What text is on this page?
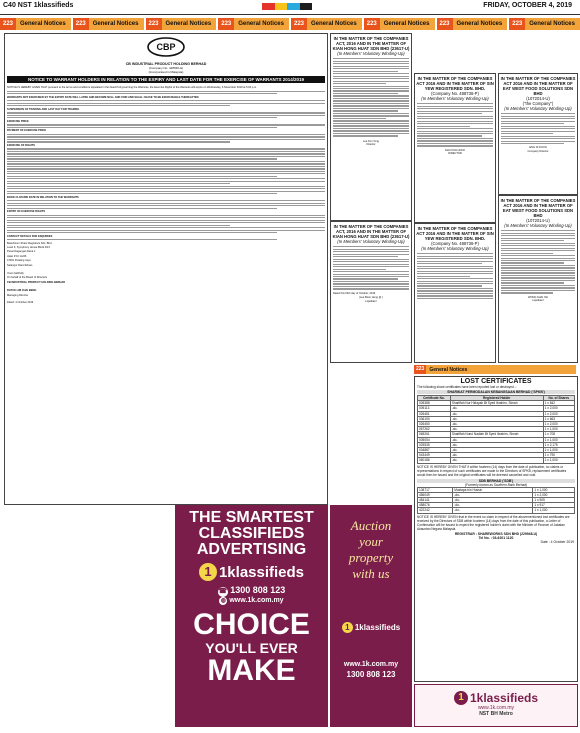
C40 NST 1klassifieds	FRIDAY, OCTOBER 4, 2019
223	General Notices	223	General Notices	223	General Notices	223	General Notices	223	General Notices	223	General Notices	223	General Notices	223	General Notices
CBP
CB INDUSTRIAL PRODUCT HOLDING BERHAD
(Company No. 428930-H)
(Incorporated in Malaysia)
NOTICE TO WARRANT HOLDERS IN RELATION TO THE EXPIRY AND LAST DATE FOR THE EXERCISE OF WARRANTS 2014/2019

NOTICE IS HEREBY GIVEN THAT pursuant to the terms and conditions stipulated in the Deed Poll governing the Warrants, the Exercise Rights of the Warrants will expire on Wednesday, 6 November 2019 at 5.00 p.m.

WARRANTS NOT EXERCISED BY THE EXPIRY DATE WILL LAPSE AND BECOME NULL AND VOID AND SHALL CEASE TO BE EXERCISABLE THEREAFTER.

SUSPENSION OF TRADING AND LAST DAY FOR TRADING

EXERCISE PRICE

PAYMENT OF EXERCISE PRICE

EXERCISE OF RIGHTS

BOOK CLOSURE DATE IN RELATION TO THE WARRANTS

EXPIRY OF EXERCISE RIGHTS

CONTACT DETAILS FOR ENQUIRIES

Boardroom Share Registrars Sdn. Bhd.

Level 6, Symphony House Block D13

Pusat Dagangan Dana 1

Jalan PJU 1A/46

47301 Petaling Jaya

Selangor Darul Ehsan

Yours faithfully

On behalf of the Board of Directors

CB INDUSTRIAL PRODUCT HOLDING BERHAD

DATUK LIM CHAI BENG

Managing Director

Dated: 4 October 2019

IN THE MATTER OF THE COMPANIES ACT, 2016 AND IN THE MATTER OF KIAN HONG HUAT SDN BHD (23617-U)
(In Members' Voluntary Winding-Up)
Lee Kim Yong
Director
IN THE MATTER OF THE COMPANIES ACT, 2016 AND IN THE MATTER OF KIAN HONG HUAT SDN BHD (23617-U)
(In Members' Voluntary Winding-Up)

Dated this 04th day of October, 2019

(Lee Boon Hong @ )
Liquidator
IN THE MATTER OF THE COMPANIES ACT 2016 AND IN THE MATTER OF SIN YEW REGISTERED SDN. BHD.
(Company No. 488736-P)
(In Members' Voluntary Winding-Up)
GAN KOH HOCK
DIRECTOR
IN THE MATTER OF THE COMPANIES ACT 2016 AND IN THE MATTER OF SIN YEW REGISTERED SDN. BHD.
(Company No. 488736-P)
(In Members' Voluntary Winding-Up)
IN THE MATTER OF THE COMPANIES ACT 2016 AND IN THE MATTER OF EAT WEST FOOD SOLUTIONS SDN BHD
(1072014-U)
("the Company")
(In Members' Voluntary Winding-Up)
ENG NI FOON
Company Director
IN THE MATTER OF THE COMPANIES ACT 2016 AND IN THE MATTER OF EAT WEST FOOD SOLUTIONS SDN BHD
(1072014-U)
(In Members' Voluntary Winding-Up)
WONG KHAI YEI
Liquidator
THE SMARTEST
CLASSIFIEDS
ADVERTISING
1 1klassifieds
☎ 1300 808 123
◍ www.1k.com.my
CHOICE
YOU'LL EVER
MAKE
Auction
your
property
with us
1 1klassifieds
www.1k.com.my
1300 808 123
223	General Notices
LOST CERTIFICATES
The following share certificates have been reported lost or destroyed :-
SHARIKAT PERMODALAN KEBANGSAAN BERHAD ('SPKB')
Certificate No.	Registered Holder	No. of Shares
005388	Shariffah Nur Hidayah Bt Syed Ibrahim, Simah	1 x 842
005113	-do-	1 x 2,000
026461	-do-	1 x 2,000
036190	-do-	1 x 663
026450	-do-	1 x 2,000
057262	-do-	1 x 1,000
065261	Shariffah Nurul Nadiah Bt Syed Ibrahim, Simah	1 x 708
005054	-do-	1 x 1,000
025535	-do-	1 x 2,175
034887	-do-	1 x 1,000
043449	-do-	1 x 790
060186	-do-	1 x 1,000
NOTICE IS HEREBY GIVEN THAT if within fourteen (14) days from the date of publication, no claims or representations in respect of such certificates are made to the Directors of SPKB, replacement certificates would then be issued and the original certificates will be deemed cancelled and void.
SDB BERHAD ('SDB')
(Formerly known as Southern Bank Berhad)
108717	Mustapa bin Hussin	1 x 1,000
456049	-do-	1 x 2,000
484141	-do-	1 x 505
458076	-do-	1 x 917
422242	-do-	1 x 1,000
NOTICE IS HEREBY GIVEN that in the event no claim in respect of the abovementioned lost certificates are received by the Directors of SDB within fourteen (14) days from the date of this publication, a Letter of Confirmation will be issued to expect the registered holder's claim with the Minister of Finance of Jabatan Akauntan Negara Malaysia.
REGISTRAR : SHAREWORKS SDN BHD (229948-U)
Tel No. : 03-6201 1120
Date : 4 October 2019
1 1klassifieds
www.1k.com.my
NST BH Metro
